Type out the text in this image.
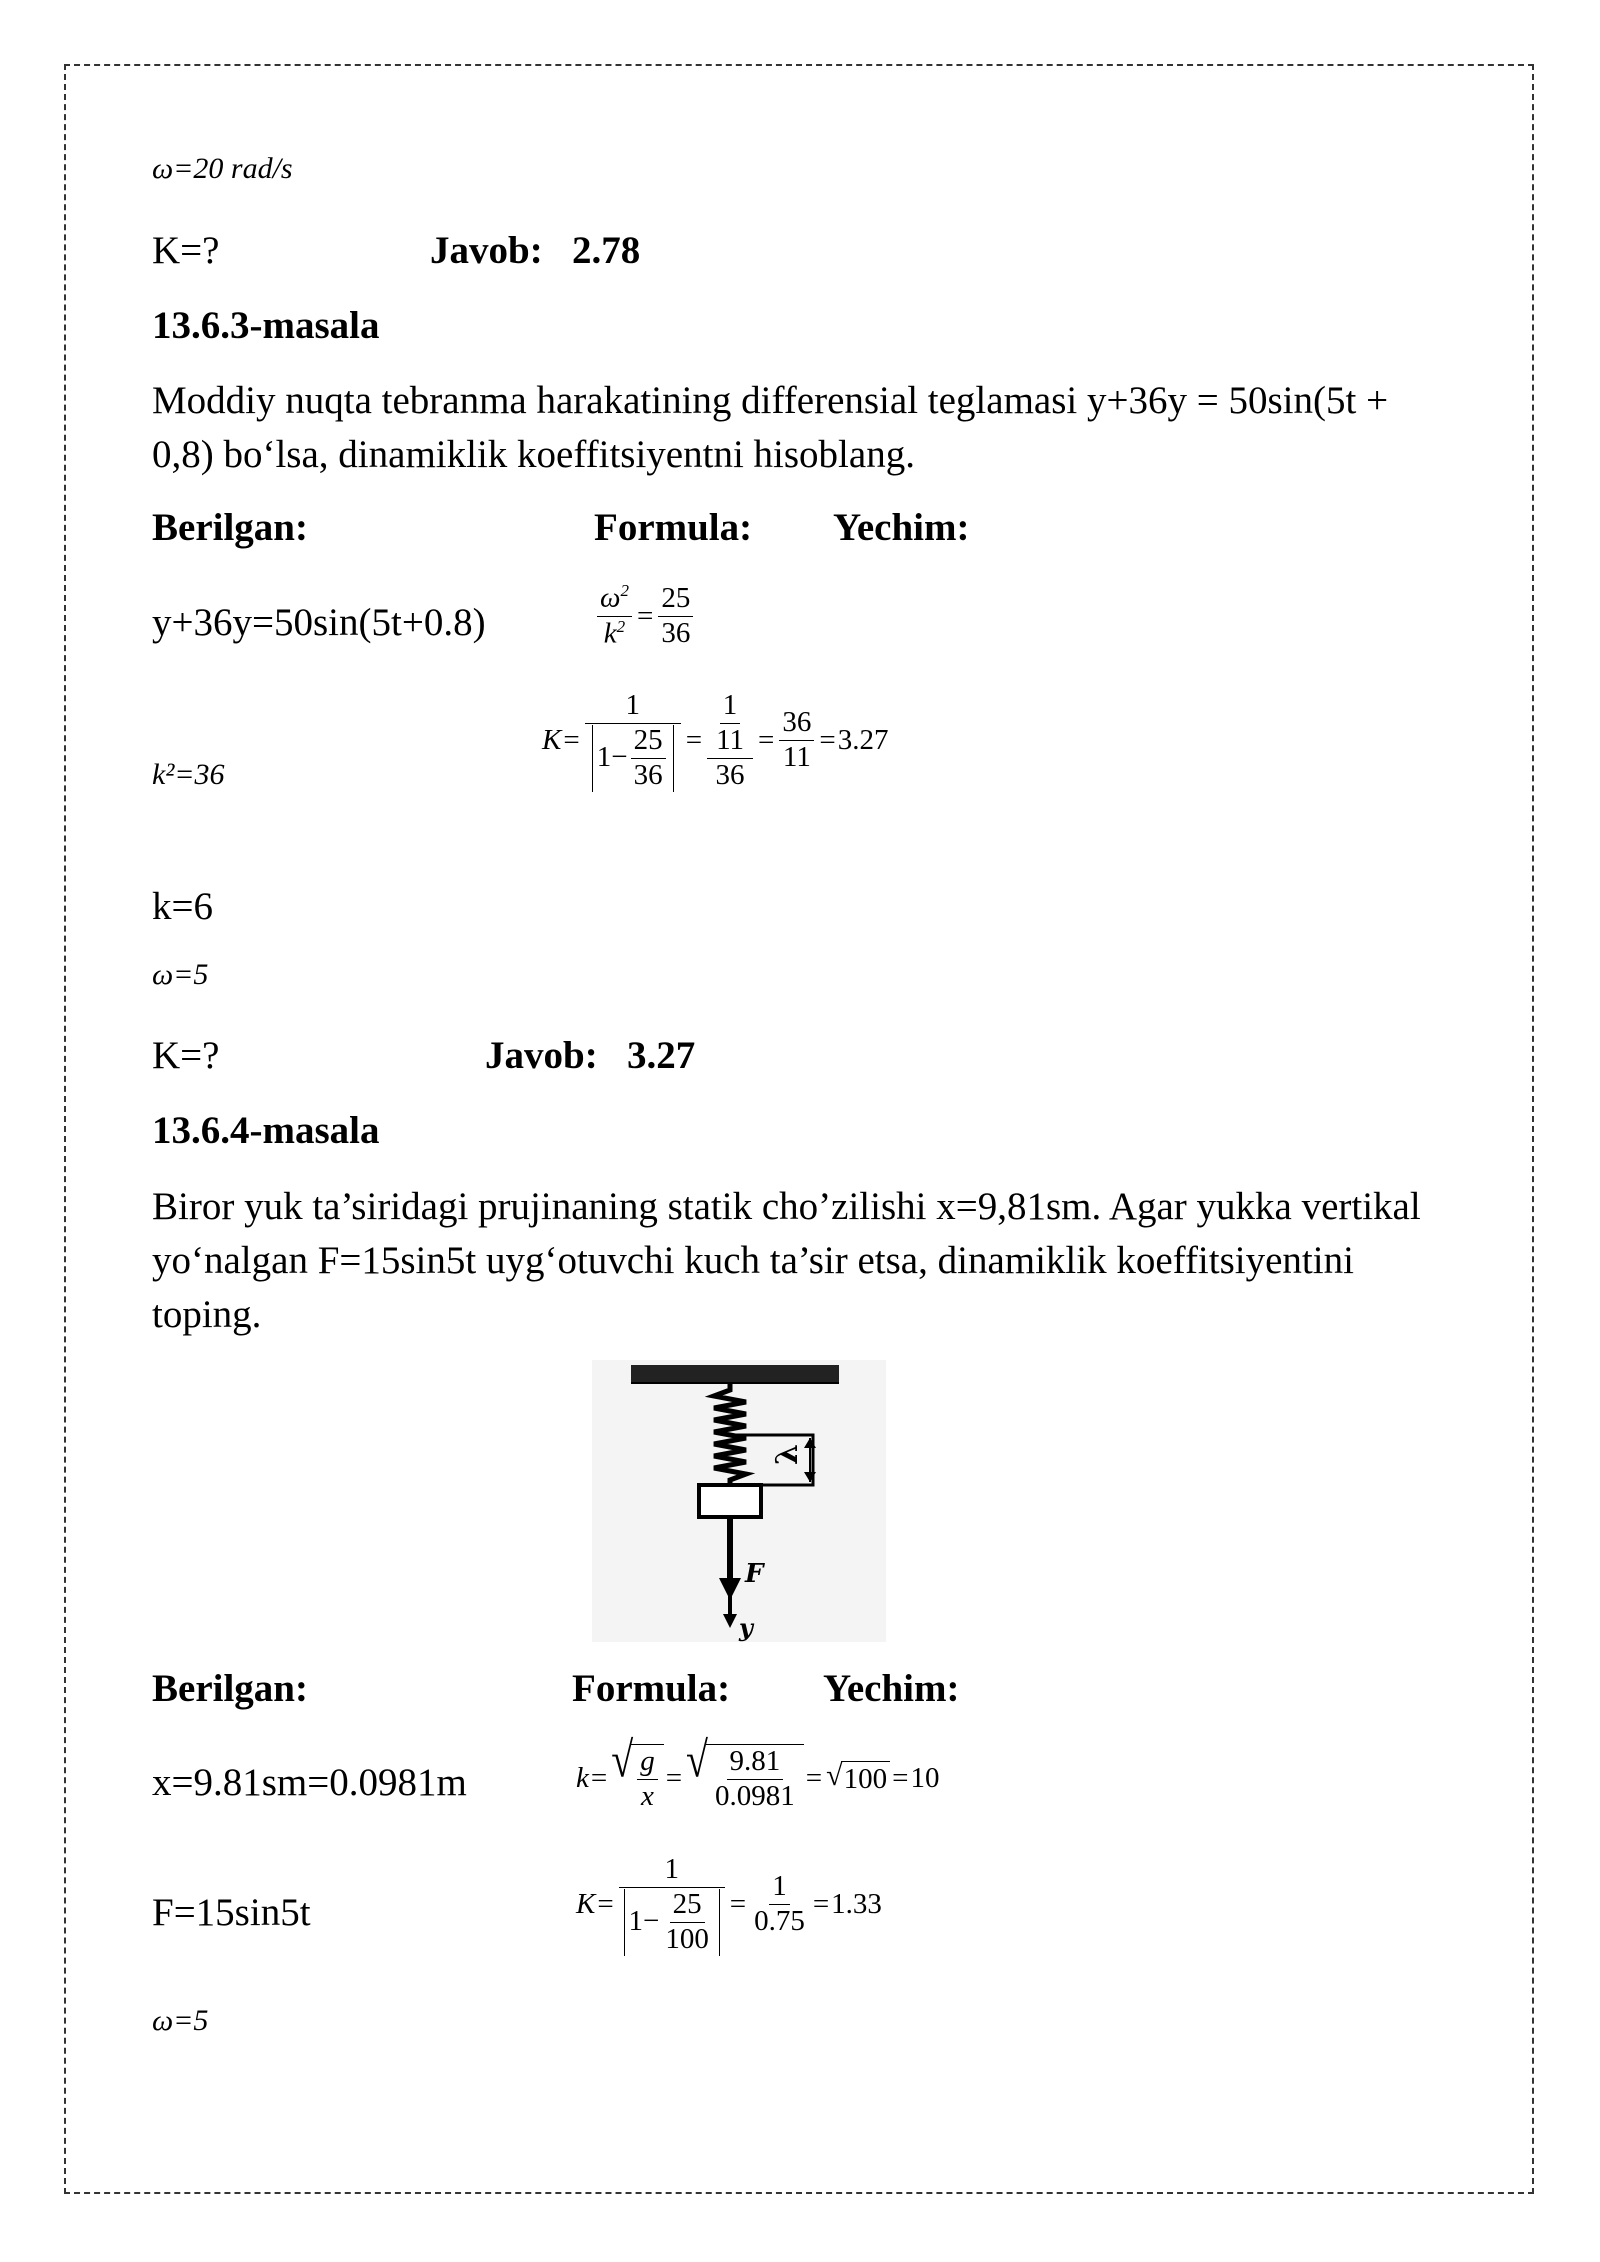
ω=20 rad/s
K=?	Javob: 2.78
13.6.3-masala
Moddiy nuqta tebranma harakatining differensial teglamasi y+36y = 50sin(5t + 0,8) bo‘lsa, dinamiklik koeffitsiyentni hisoblang.
Berilgan:	Formula: Yechim:
y+36y=50sin(5t+0.8)	$\frac{\omega^2}{k^2} = \frac{25}{36}$
k²=36
$K = \frac{1}{1- \frac{25}{36}} = \frac{\frac{1}{11}}{36} = \frac{36}{11} = 3.27$
k=6
ω=5
K=?	Javob: 3.27
13.6.4-masala
Biror yuk ta’siridagi prujinaning statik cho’zilishi x=9,81sm. Agar yukka vertikal yo‘nalgan F=15sin5t uyg‘otuvchi kuch ta’sir etsa, dinamiklik koeffitsiyentini toping.
λ
F
y
Berilgan:	Formula: Yechim:
x=9.81sm=0.0981m	k = √ g
x
= √ 9.81
0.0981
= √ 100 = 10
F=15sin5t	$K = \frac{1}{1- \frac{25}{100}} = \frac{1}{0.75} = 1.33$
ω=5
